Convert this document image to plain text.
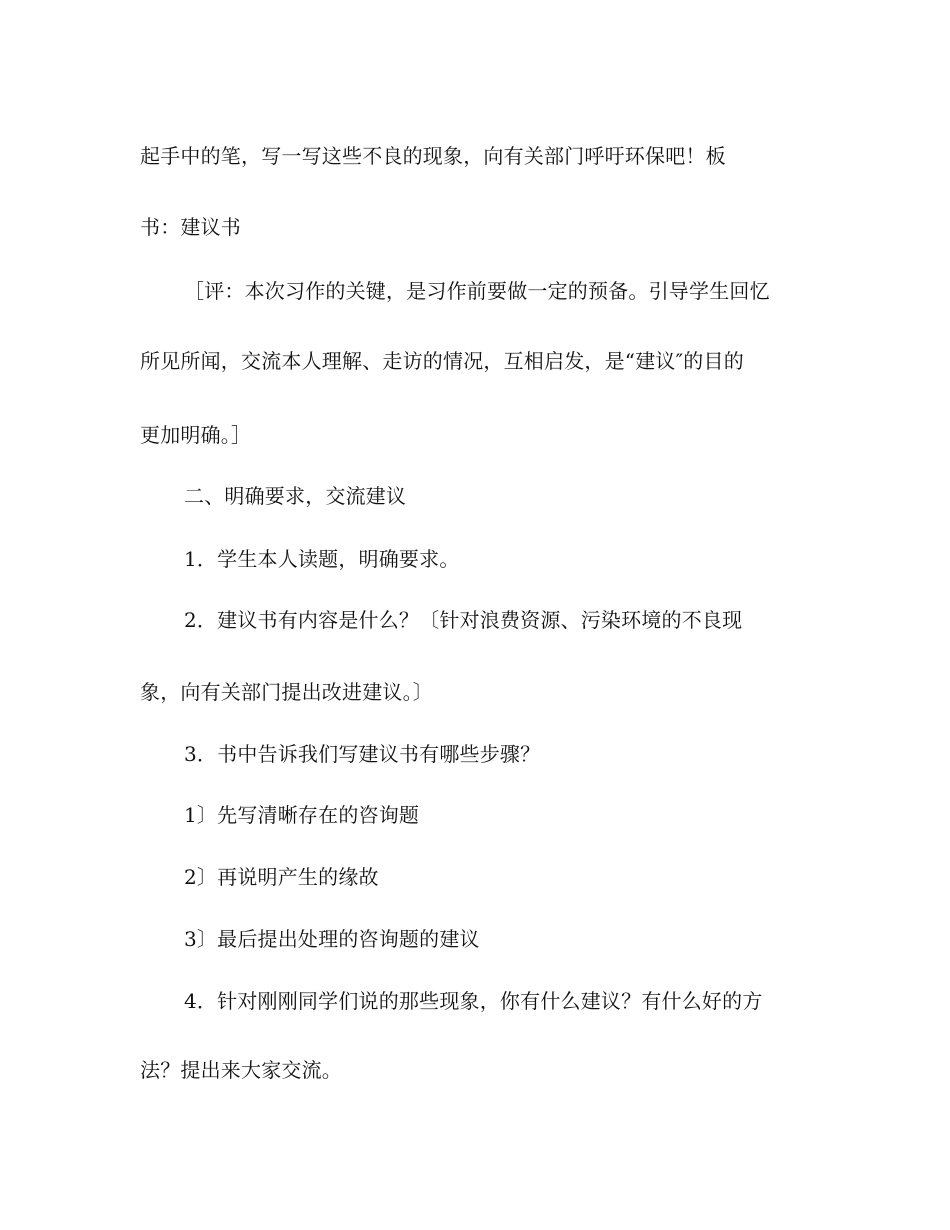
起手中的笔，写一写这些不良的现象，向有关部门呼吁环保吧！板
书：建议书
［评：本次习作的关键，是习作前要做一定的预备。引导学生回忆
所见所闻，交流本人理解、走访的情况，互相启发，是“建议″的目的
更加明确。］
二、明确要求，交流建议
1．学生本人读题，明确要求。
2．建议书有内容是什么？〔针对浪费资源、污染环境的不良现
象，向有关部门提出改进建议。〕
3．书中告诉我们写建议书有哪些步骤？
1〕先写清晰存在的咨询题
2〕再说明产生的缘故
3〕最后提出处理的咨询题的建议
4．针对刚刚同学们说的那些现象，你有什么建议？有什么好的方
法？提出来大家交流。
